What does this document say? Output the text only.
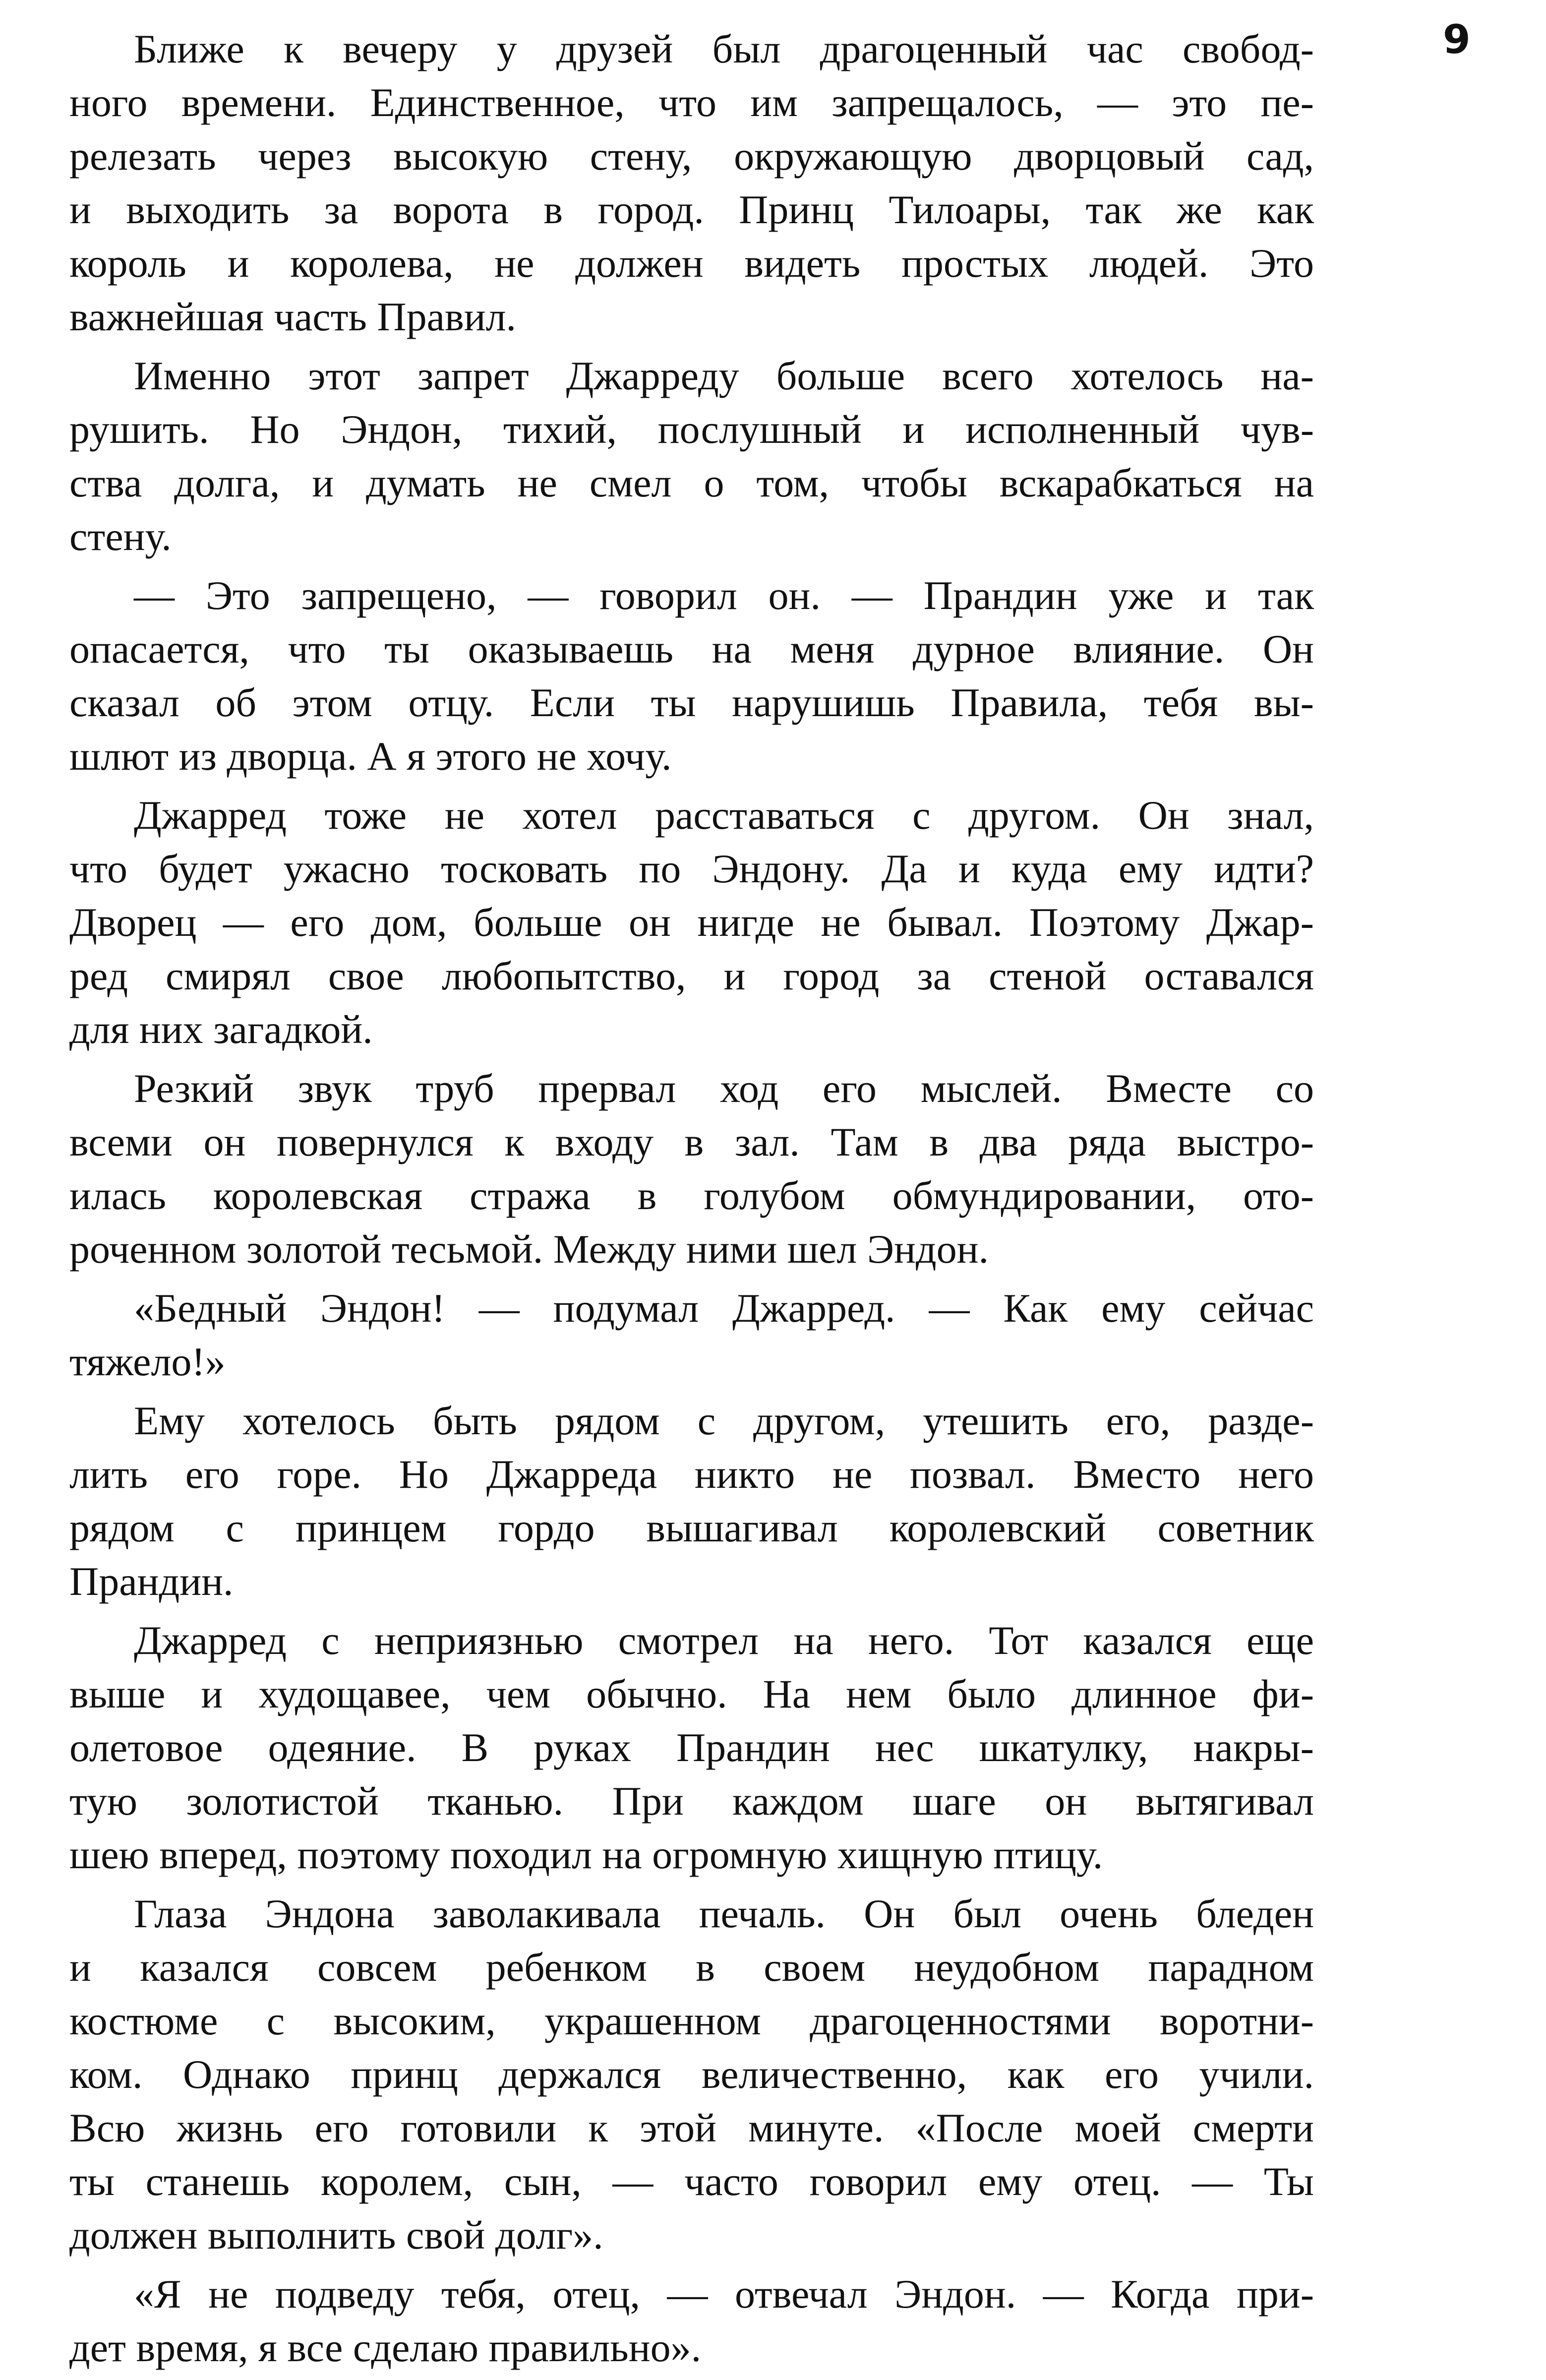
9
Ближе к вечеру у друзей был драгоценный час свобод-
ного времени. Единственное, что им запрещалось, — это пе-
релезать через высокую стену, окружающую дворцовый сад,
и выходить за ворота в город. Принц Тилоары, так же как
король и королева, не должен видеть простых людей. Это
важнейшая часть Правил.
Именно этот запрет Джарреду больше всего хотелось на-
рушить. Но Эндон, тихий, послушный и исполненный чув-
ства долга, и думать не смел о том, чтобы вскарабкаться на
стену.
— Это запрещено, — говорил он. — Прандин уже и так
опасается, что ты оказываешь на меня дурное влияние. Он
сказал об этом отцу. Если ты нарушишь Правила, тебя вы-
шлют из дворца. А я этого не хочу.
Джарред тоже не хотел расставаться с другом. Он знал,
что будет ужасно тосковать по Эндону. Да и куда ему идти?
Дворец — его дом, больше он нигде не бывал. Поэтому Джар-
ред смирял свое любопытство, и город за стеной оставался
для них загадкой.
Резкий звук труб прервал ход его мыслей. Вместе со
всеми он повернулся к входу в зал. Там в два ряда выстро-
илась королевская стража в голубом обмундировании, ото-
роченном золотой тесьмой. Между ними шел Эндон.
«Бедный Эндон! — подумал Джарред. — Как ему сейчас
тяжело!»
Ему хотелось быть рядом с другом, утешить его, разде-
лить его горе. Но Джарреда никто не позвал. Вместо него
рядом с принцем гордо вышагивал королевский советник
Прандин.
Джарред с неприязнью смотрел на него. Тот казался еще
выше и худощавее, чем обычно. На нем было длинное фи-
олетовое одеяние. В руках Прандин нес шкатулку, накры-
тую золотистой тканью. При каждом шаге он вытягивал
шею вперед, поэтому походил на огромную хищную птицу.
Глаза Эндона заволакивала печаль. Он был очень бледен
и казался совсем ребенком в своем неудобном парадном
костюме с высоким, украшенном драгоценностями воротни-
ком. Однако принц держался величественно, как его учили.
Всю жизнь его готовили к этой минуте. «После моей смерти
ты станешь королем, сын, — часто говорил ему отец. — Ты
должен выполнить свой долг».
«Я не подведу тебя, отец, — отвечал Эндон. — Когда при-
дет время, я все сделаю правильно».
